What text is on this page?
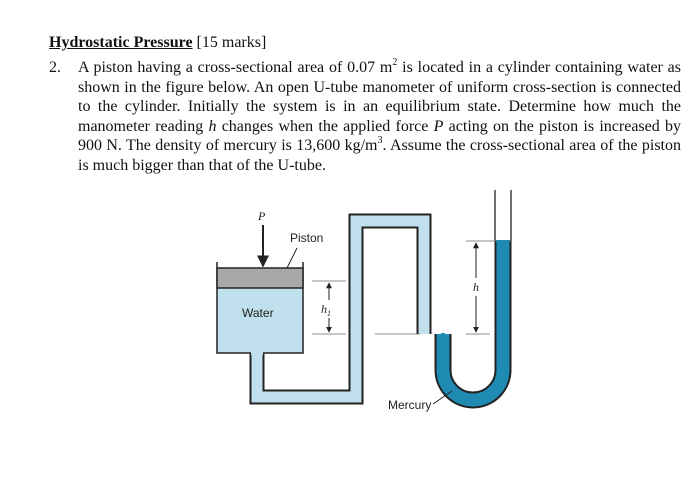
Hydrostatic Pressure [15 marks]
2. A piston having a cross-sectional area of 0.07 $m^2$ is located in a cylinder containing water as shown in the figure below. An open U-tube manometer of uniform cross-section is connected to the cylinder. Initially the system is in an equilibrium state. Determine how much the manometer reading h changes when the applied force P acting on the piston is increased by 900 N. The density of mercury is 13,600 $kg/m^3$. Assume the cross-sectional area of the piston is much bigger than that of the U-tube.
P
Piston
Water	$h_1$
h
Mercury
